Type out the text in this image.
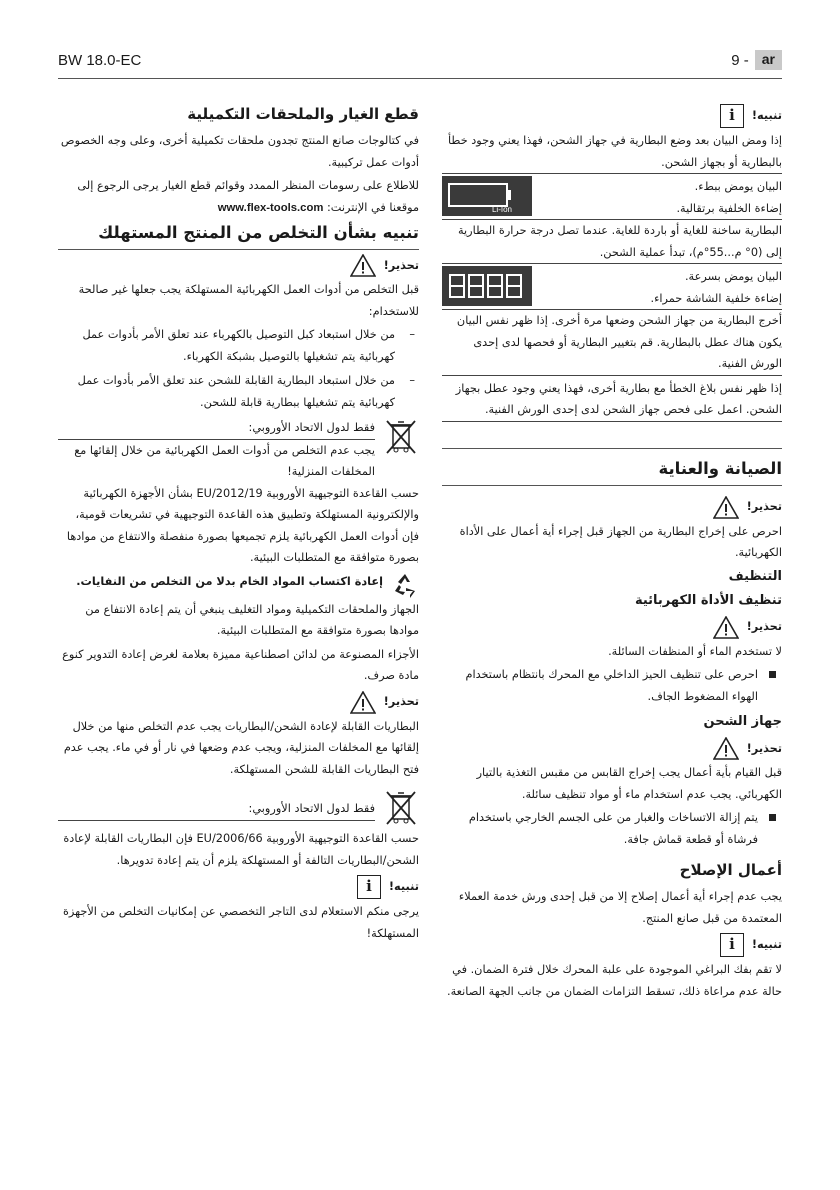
BW 18.0-EC	9 - ar
قطع الغيار والملحقات التكميلية
في كتالوجات صانع المنتج تجدون ملحقات تكميلية أخرى، وعلى وجه الخصوص أدوات عمل تركيبية.
للاطلاع على رسومات المنظر الممدد وقوائم قطع الغيار يرجى الرجوع إلى موقعنا في الإنترنت: www.flex-tools.com
تنبيه بشأن التخلص من المنتج المستهلك
تحذير!
قبل التخلص من أدوات العمل الكهربائية المستهلكة يجب جعلها غير صالحة للاستخدام:
–
من خلال استبعاد كبل التوصيل بالكهرباء عند تعلق الأمر بأدوات عمل كهربائية يتم تشغيلها بالتوصيل بشبكة الكهرباء.
–
من خلال استبعاد البطارية القابلة للشحن عند تعلق الأمر بأدوات عمل كهربائية يتم تشغيلها ببطارية قابلة للشحن.
فقط لدول الاتحاد الأوروبي:
يجب عدم التخلص من أدوات العمل الكهربائية من خلال إلقائها مع المخلفات المنزلية!
حسب القاعدة التوجيهية الأوروبية 2012/19/EU بشأن الأجهزة الكهربائية والإلكترونية المستهلكة وتطبيق هذه القاعدة التوجيهية في تشريعات قومية، فإن أدوات العمل الكهربائية يلزم تجميعها بصورة منفصلة والانتفاع من موادها بصورة متوافقة مع المتطلبات البيئية.
إعادة اكتساب المواد الخام بدلا من التخلص من النفايات.
الجهاز والملحقات التكميلية ومواد التغليف ينبغي أن يتم إعادة الانتفاع من موادها بصورة متوافقة مع المتطلبات البيئية.
الأجزاء المصنوعة من لدائن اصطناعية مميزة بعلامة لغرض إعادة التدوير كنوع مادة صرف.
تحذير!
البطاريات القابلة لإعادة الشحن/البطاريات يجب عدم التخلص منها من خلال إلقائها مع المخلفات المنزلية، ويجب عدم وضعها في نار أو في ماء. يجب عدم فتح البطاريات القابلة للشحن المستهلكة.
فقط لدول الاتحاد الأوروبي:
حسب القاعدة التوجيهية الأوروبية 2006/66/EU فإن البطاريات القابلة لإعادة الشحن/البطاريات التالفة أو المستهلكة يلزم أن يتم إعادة تدويرها.
تنبيه!
i
يرجى منكم الاستعلام لدى التاجر التخصصي عن إمكانيات التخلص من الأجهزة المستهلكة!
تنبيه!
i
إذا ومض البيان بعد وضع البطارية في جهاز الشحن، فهذا يعني وجود خطأ بالبطارية أو بجهاز الشحن.
البيان يومض ببطء.
إضاءة الخلفية برتقالية.
Li-Ion
البطارية ساخنة للغاية أو باردة للغاية. عندما تصل درجة حرارة البطارية إلى (0° م...55°م)، تبدأ عملية الشحن.
البيان يومض بسرعة.
إضاءة خلفية الشاشة حمراء.
أخرج البطارية من جهاز الشحن وضعها مرة أخرى. إذا ظهر نفس البيان يكون هناك عطل بالبطارية. قم بتغيير البطارية أو فحصها لدى إحدى الورش الفنية.
إذا ظهر نفس بلاغ الخطأ مع بطارية أخرى، فهذا يعني وجود عطل بجهاز الشحن. اعمل على فحص جهاز الشحن لدى إحدى الورش الفنية.
الصيانة والعناية
تحذير!
احرص على إخراج البطارية من الجهاز قبل إجراء أية أعمال على الأداة الكهربائية.
التنظيف
تنظيف الأداة الكهربائية
تحذير!
لا تستخدم الماء أو المنظفات السائلة.
احرص على تنظيف الحيز الداخلي مع المحرك بانتظام باستخدام الهواء المضغوط الجاف.
جهاز الشحن
تحذير!
قبل القيام بأية أعمال يجب إخراج القابس من مقبس التغذية بالتيار الكهربائي. يجب عدم استخدام ماء أو مواد تنظيف سائلة.
يتم إزالة الاتساخات والغبار من على الجسم الخارجي باستخدام فرشاة أو قطعة قماش جافة.
أعمال الإصلاح
يجب عدم إجراء أية أعمال إصلاح إلا من قبل إحدى ورش خدمة العملاء المعتمدة من قبل صانع المنتج.
تنبيه!
i
لا تقم بفك البراغي الموجودة على علبة المحرك خلال فترة الضمان. في حالة عدم مراعاة ذلك، تسقط التزامات الضمان من جانب الجهة الصانعة.
